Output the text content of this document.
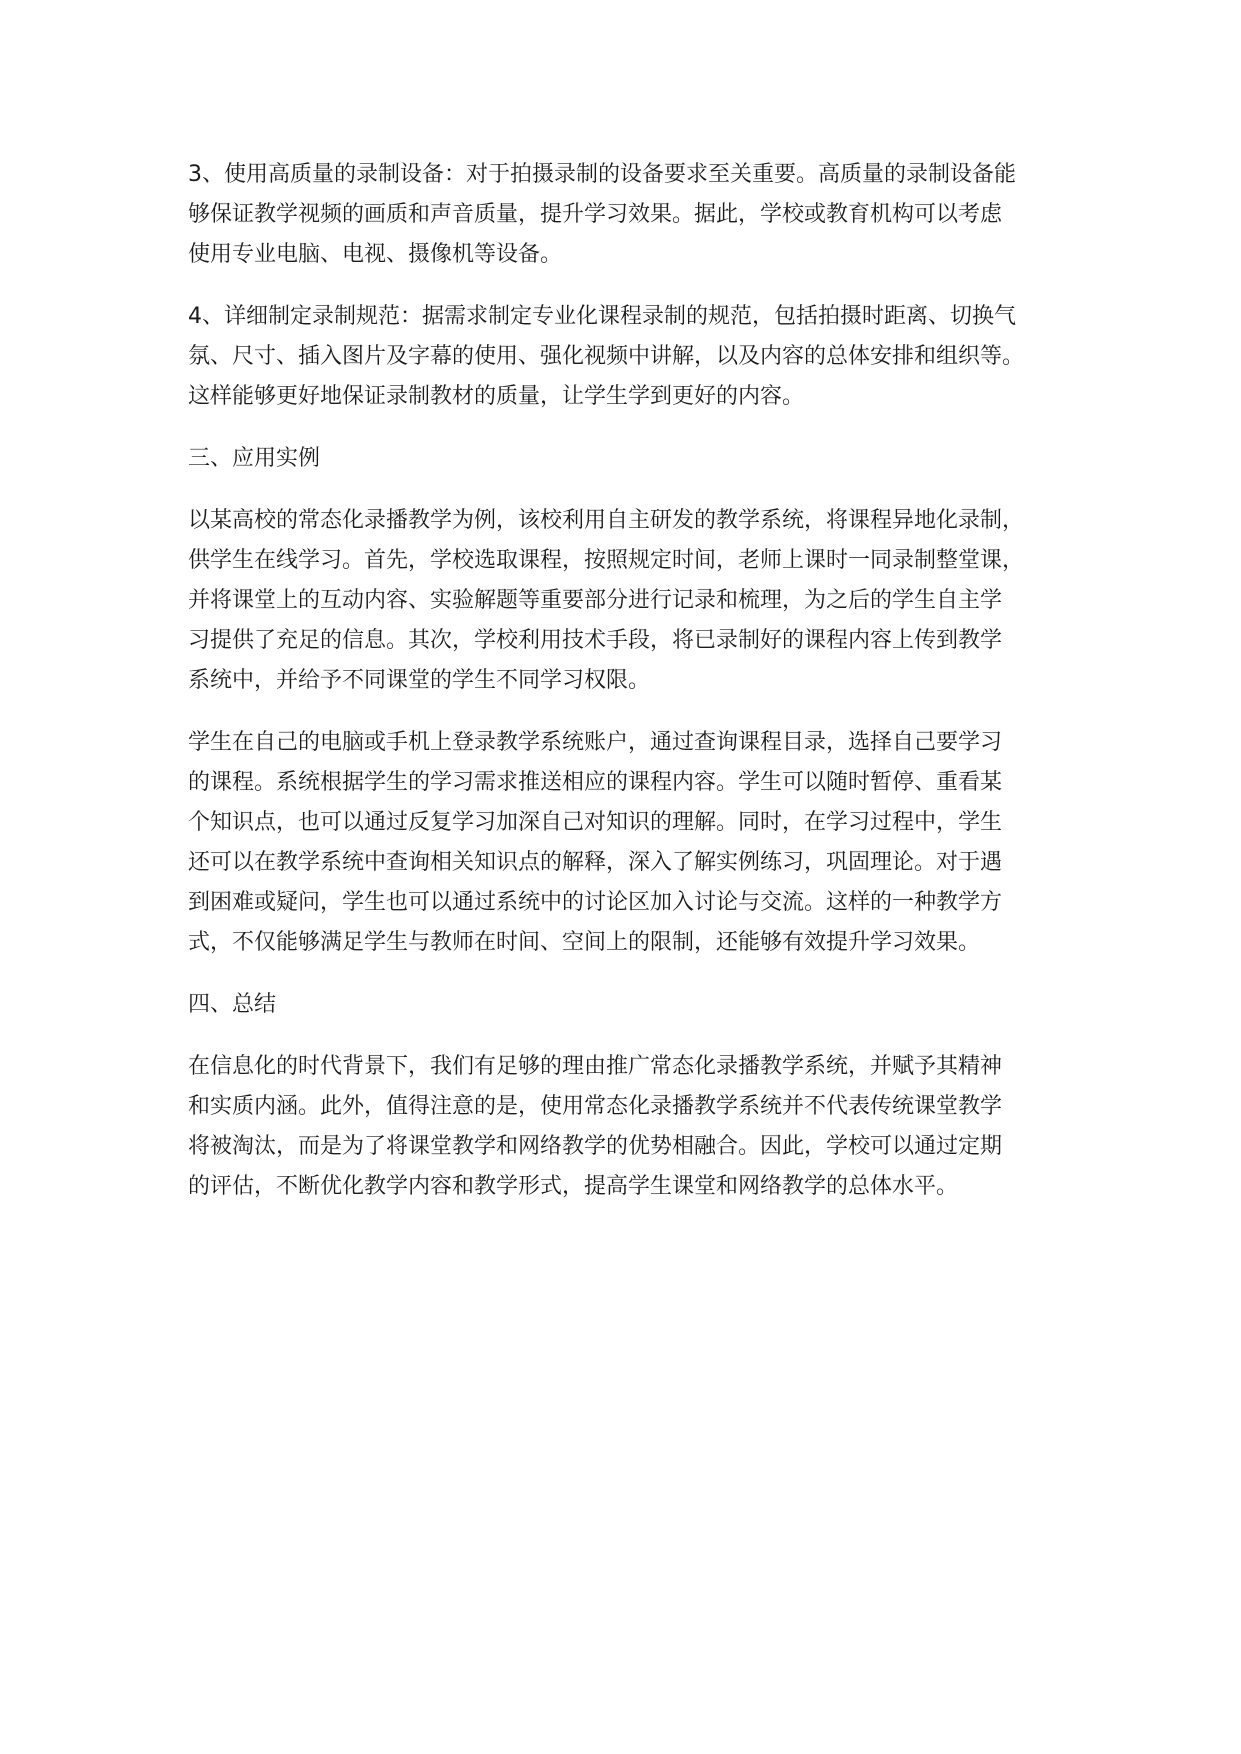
3、使用高质量的录制设备：对于拍摄录制的设备要求至关重要。高质量的录制设备能
够保证教学视频的画质和声音质量，提升学习效果。据此，学校或教育机构可以考虑
使用专业电脑、电视、摄像机等设备。
4、详细制定录制规范：据需求制定专业化课程录制的规范，包括拍摄时距离、切换气
氛、尺寸、插入图片及字幕的使用、强化视频中讲解，以及内容的总体安排和组织等。
这样能够更好地保证录制教材的质量，让学生学到更好的内容。
三、应用实例
以某高校的常态化录播教学为例，该校利用自主研发的教学系统，将课程异地化录制，
供学生在线学习。首先，学校选取课程，按照规定时间，老师上课时一同录制整堂课，
并将课堂上的互动内容、实验解题等重要部分进行记录和梳理，为之后的学生自主学
习提供了充足的信息。其次，学校利用技术手段，将已录制好的课程内容上传到教学
系统中，并给予不同课堂的学生不同学习权限。
学生在自己的电脑或手机上登录教学系统账户，通过查询课程目录，选择自己要学习
的课程。系统根据学生的学习需求推送相应的课程内容。学生可以随时暂停、重看某
个知识点，也可以通过反复学习加深自己对知识的理解。同时，在学习过程中，学生
还可以在教学系统中查询相关知识点的解释，深入了解实例练习，巩固理论。对于遇
到困难或疑问，学生也可以通过系统中的讨论区加入讨论与交流。这样的一种教学方
式，不仅能够满足学生与教师在时间、空间上的限制，还能够有效提升学习效果。
四、总结
在信息化的时代背景下，我们有足够的理由推广常态化录播教学系统，并赋予其精神
和实质内涵。此外，值得注意的是，使用常态化录播教学系统并不代表传统课堂教学
将被淘汰，而是为了将课堂教学和网络教学的优势相融合。因此，学校可以通过定期
的评估，不断优化教学内容和教学形式，提高学生课堂和网络教学的总体水平。
